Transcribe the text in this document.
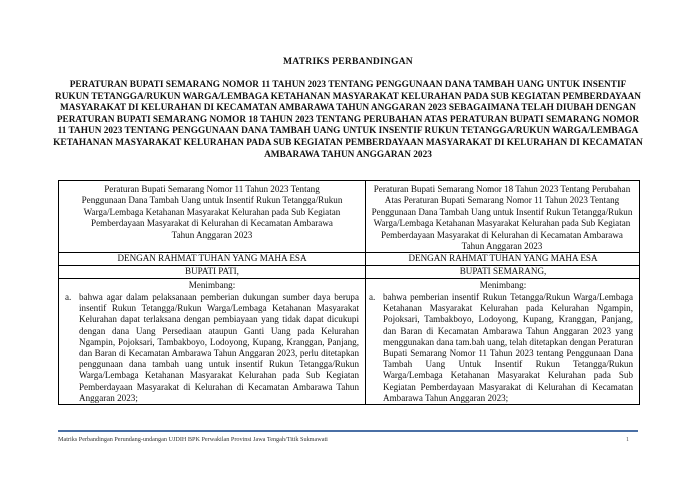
MATRIKS PERBANDINGAN
PERATURAN BUPATI SEMARANG NOMOR 11 TAHUN 2023 TENTANG PENGGUNAAN DANA TAMBAH UANG UNTUK INSENTIF RUKUN TETANGGA/RUKUN WARGA/LEMBAGA KETAHANAN MASYARAKAT KELURAHAN PADA SUB KEGIATAN PEMBERDAYAAN MASYARAKAT DI KELURAHAN DI KECAMATAN AMBARAWA TAHUN ANGGARAN 2023 SEBAGAIMANA TELAH DIUBAH DENGAN PERATURAN BUPATI SEMARANG NOMOR 18 TAHUN 2023 TENTANG PERUBAHAN ATAS PERATURAN BUPATI SEMARANG NOMOR 11 TAHUN 2023 TENTANG PENGGUNAAN DANA TAMBAH UANG UNTUK INSENTIF RUKUN TETANGGA/RUKUN WARGA/LEMBAGA KETAHANAN MASYARAKAT KELURAHAN PADA SUB KEGIATAN PEMBERDAYAAN MASYARAKAT DI KELURAHAN DI KECAMATAN AMBARAWA TAHUN ANGGARAN 2023
Peraturan Bupati Semarang Nomor 11 Tahun 2023 Tentang Penggunaan Dana Tambah Uang untuk Insentif Rukun Tetangga/Rukun Warga/Lembaga Ketahanan Masyarakat Kelurahan pada Sub Kegiatan Pemberdayaan Masyarakat di Kelurahan di Kecamatan Ambarawa Tahun Anggaran 2023
DENGAN RAHMAT TUHAN YANG MAHA ESA
BUPATI PATI,
Menimbang:
a. bahwa agar dalam pelaksanaan pemberian dukungan sumber daya berupa insentif Rukun Tetangga/Rukun Warga/Lembaga Ketahanan Masyarakat Kelurahan dapat terlaksana dengan pembiayaan yang tidak dapat dicukupi dengan dana Uang Persediaan ataupun Ganti Uang pada Kelurahan Ngampin, Pojoksari, Tambakboyo, Lodoyong, Kupang, Kranggan, Panjang, dan Baran di Kecamatan Ambarawa Tahun Anggaran 2023, perlu ditetapkan penggunaan dana tambah uang untuk insentif Rukun Tetangga/Rukun Warga/Lembaga Ketahanan Masyarakat Kelurahan pada Sub Kegiatan Pemberdayaan Masyarakat di Kelurahan di Kecamatan Ambarawa Tahun Anggaran 2023;
Peraturan Bupati Semarang Nomor 18 Tahun 2023 Tentang Perubahan Atas Peraturan Bupati Semarang Nomor 11 Tahun 2023 Tentang Penggunaan Dana Tambah Uang untuk Insentif Rukun Tetangga/Rukun Warga/Lembaga Ketahanan Masyarakat Kelurahan pada Sub Kegiatan Pemberdayaan Masyarakat di Kelurahan di Kecamatan Ambarawa Tahun Anggaran 2023
DENGAN RAHMAT TUHAN YANG MAHA ESA
BUPATI SEMARANG,
Menimbang:
a. bahwa pemberian insentif Rukun Tetangga/Rukun Warga/Lembaga Ketahanan Masyarakat Kelurahan pada Kelurahan Ngampin, Pojoksari, Tambakboyo, Lodoyong, Kupang, Kranggan, Panjang, dan Baran di Kecamatan Ambarawa Tahun Anggaran 2023 yang menggunakan dana tam.bah uang, telah ditetapkan dengan Peraturan Bupati Semarang Nomor 11 Tahun 2023 tentang Penggunaan Dana Tambah Uang Untuk Insentif Rukun Tetangga/Rukun Warga/Lembaga Ketahanan Masyarakat Kelurahan pada Sub Kegiatan Pemberdayaan Masyarakat di Kelurahan di Kecamatan Ambarawa Tahun Anggaran 2023;
Matriks Perbandingan Perundang-undangan UJDIH BPK Perwakilan Provinsi Jawa Tengah/Titik Sukmawati	1
